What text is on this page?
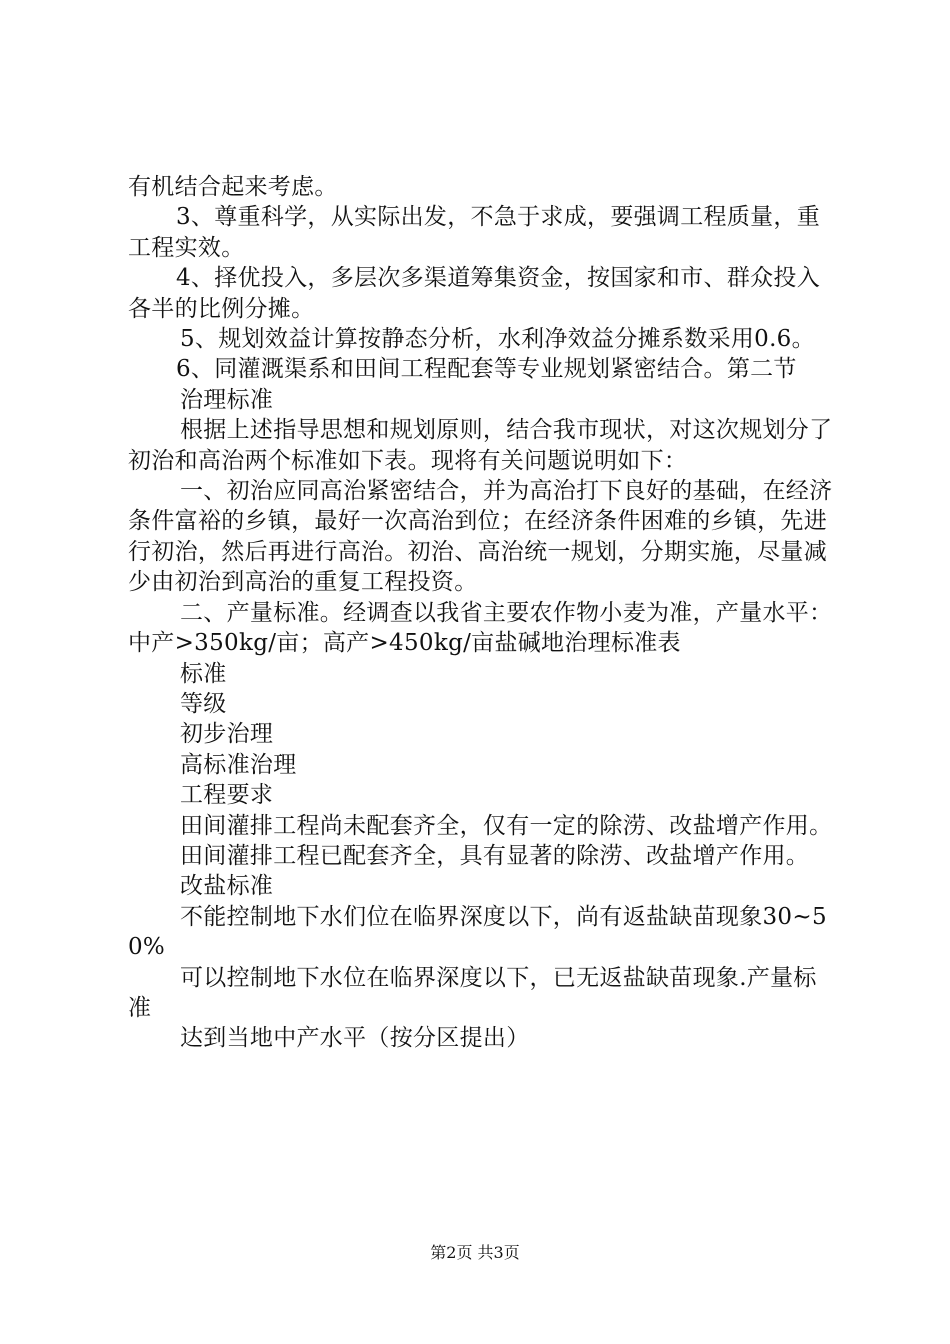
有机结合起来考虑。

3、尊重科学，从实际出发，不急于求成，要强调工程质量，重工程实效。

4、择优投入，多层次多渠道筹集资金，按国家和市、群众投入各半的比例分摊。

5、规划效益计算按静态分析，水利净效益分摊系数采用0.6。

6、同灌溉渠系和田间工程配套等专业规划紧密结合。第二节

治理标准

根据上述指导思想和规划原则，结合我市现状，对这次规划分了初治和高治两个标准如下表。现将有关问题说明如下：

一、初治应同高治紧密结合，并为高治打下良好的基础，在经济条件富裕的乡镇，最好一次高治到位；在经济条件困难的乡镇，先进行初治，然后再进行高治。初治、高治统一规划，分期实施，尽量减少由初治到高治的重复工程投资。

二、产量标准。经调查以我省主要农作物小麦为准，产量水平：中产>350kg/亩；高产>450kg/亩盐碱地治理标准表

标准

等级

初步治理

高标准治理

工程要求

田间灌排工程尚未配套齐全，仅有一定的除涝、改盐增产作用。

田间灌排工程已配套齐全，具有显著的除涝、改盐增产作用。

改盐标准

不能控制地下水们位在临界深度以下，尚有返盐缺苗现象30~50%

可以控制地下水位在临界深度以下，已无返盐缺苗现象.产量标准

达到当地中产水平（按分区提出）

第2页 共3页
